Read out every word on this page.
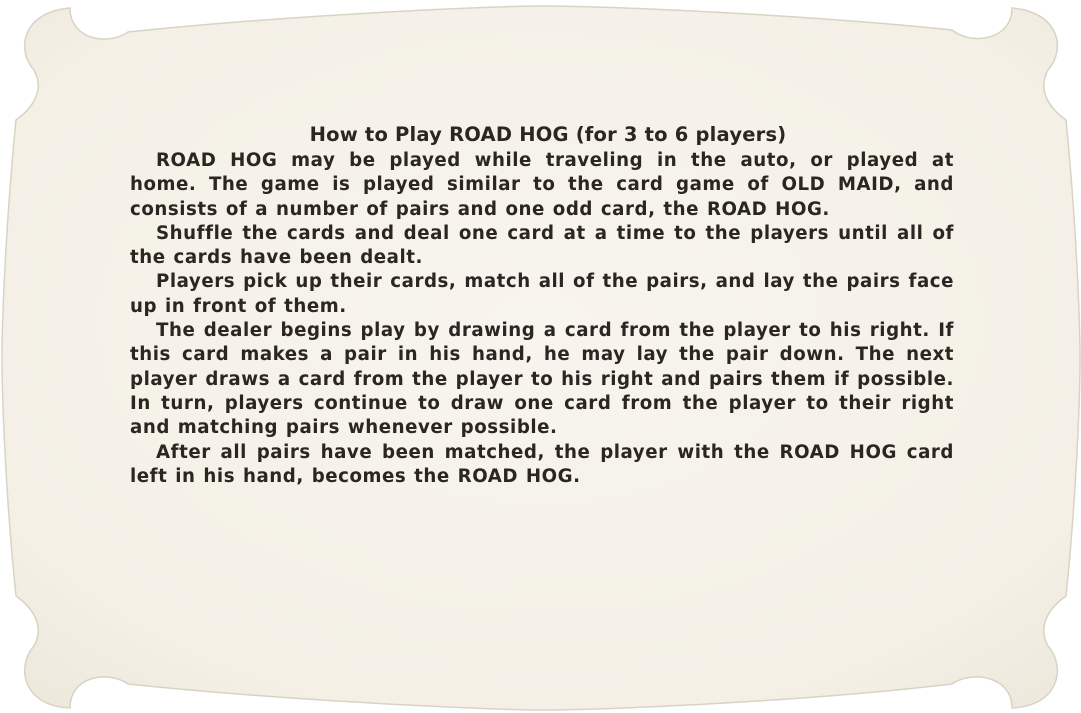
How to Play ROAD HOG (for 3 to 6 players)

ROAD HOG may be played while traveling in the auto, or played at home. The game is played similar to the card game of OLD MAID, and consists of a number of pairs and one odd card, the ROAD HOG.

Shuffle the cards and deal one card at a time to the players until all of the cards have been dealt.

Players pick up their cards, match all of the pairs, and lay the pairs face up in front of them.

The dealer begins play by drawing a card from the player to his right. If this card makes a pair in his hand, he may lay the pair down. The next player draws a card from the player to his right and pairs them if possible. In turn, players continue to draw one card from the player to their right and matching pairs whenever possible.

After all pairs have been matched, the player with the ROAD HOG card left in his hand, becomes the ROAD HOG.
